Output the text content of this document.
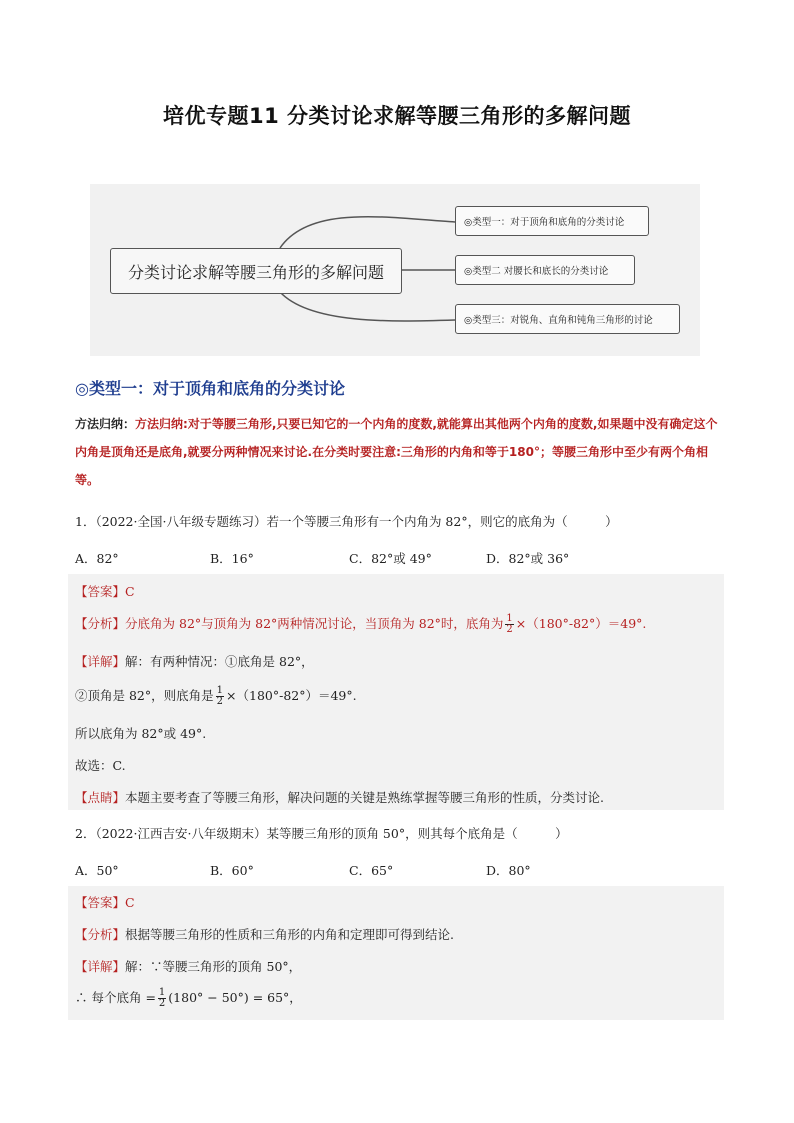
培优专题11 分类讨论求解等腰三角形的多解问题
分类讨论求解等腰三角形的多解问题
◎类型一：对于顶角和底角的分类讨论
◎类型二 对腰长和底长的分类讨论
◎类型三：对锐角、直角和钝角三角形的讨论
◎类型一：对于顶角和底角的分类讨论
方法归纳：方法归纳:对于等腰三角形,只要已知它的一个内角的度数,就能算出其他两个内角的度数,如果题中没有确定这个内角是顶角还是底角,就要分两种情况来讨论.在分类时要注意:三角形的内角和等于180°；等腰三角形中至少有两个角相等。
1．（2022·全国·八年级专题练习）若一个等腰三角形有一个内角为 82°，则它的底角为（　　　）
A．82°	B．16°	C．82°或 49°	D．82°或 36°
【答案】C
【分析】分底角为 82°与顶角为 82°两种情况讨论，当顶角为 82°时，底角为 $\frac{1}{2} \times(180^\circ-82^\circ)=49^\circ$.
【详解】解：有两种情况：①底角是 82°，
②顶角是 82°，则底角是 $\frac{1}{2} \times(180^\circ-82^\circ)=49^\circ$.
所以底角为 82°或 49°.
故选：C.
【点睛】本题主要考查了等腰三角形，解决问题的关键是熟练掌握等腰三角形的性质，分类讨论.
2．（2022·江西吉安·八年级期末）某等腰三角形的顶角 50°，则其每个底角是（　　　）
A．50°	B．60°	C．65°	D．80°
【答案】C
【分析】根据等腰三角形的性质和三角形的内角和定理即可得到结论.
【详解】解：∵等腰三角形的顶角 50°，
∴ 每个底角 = $\frac{1}{2} (180^\circ - 50^\circ) = 65^\circ$，
